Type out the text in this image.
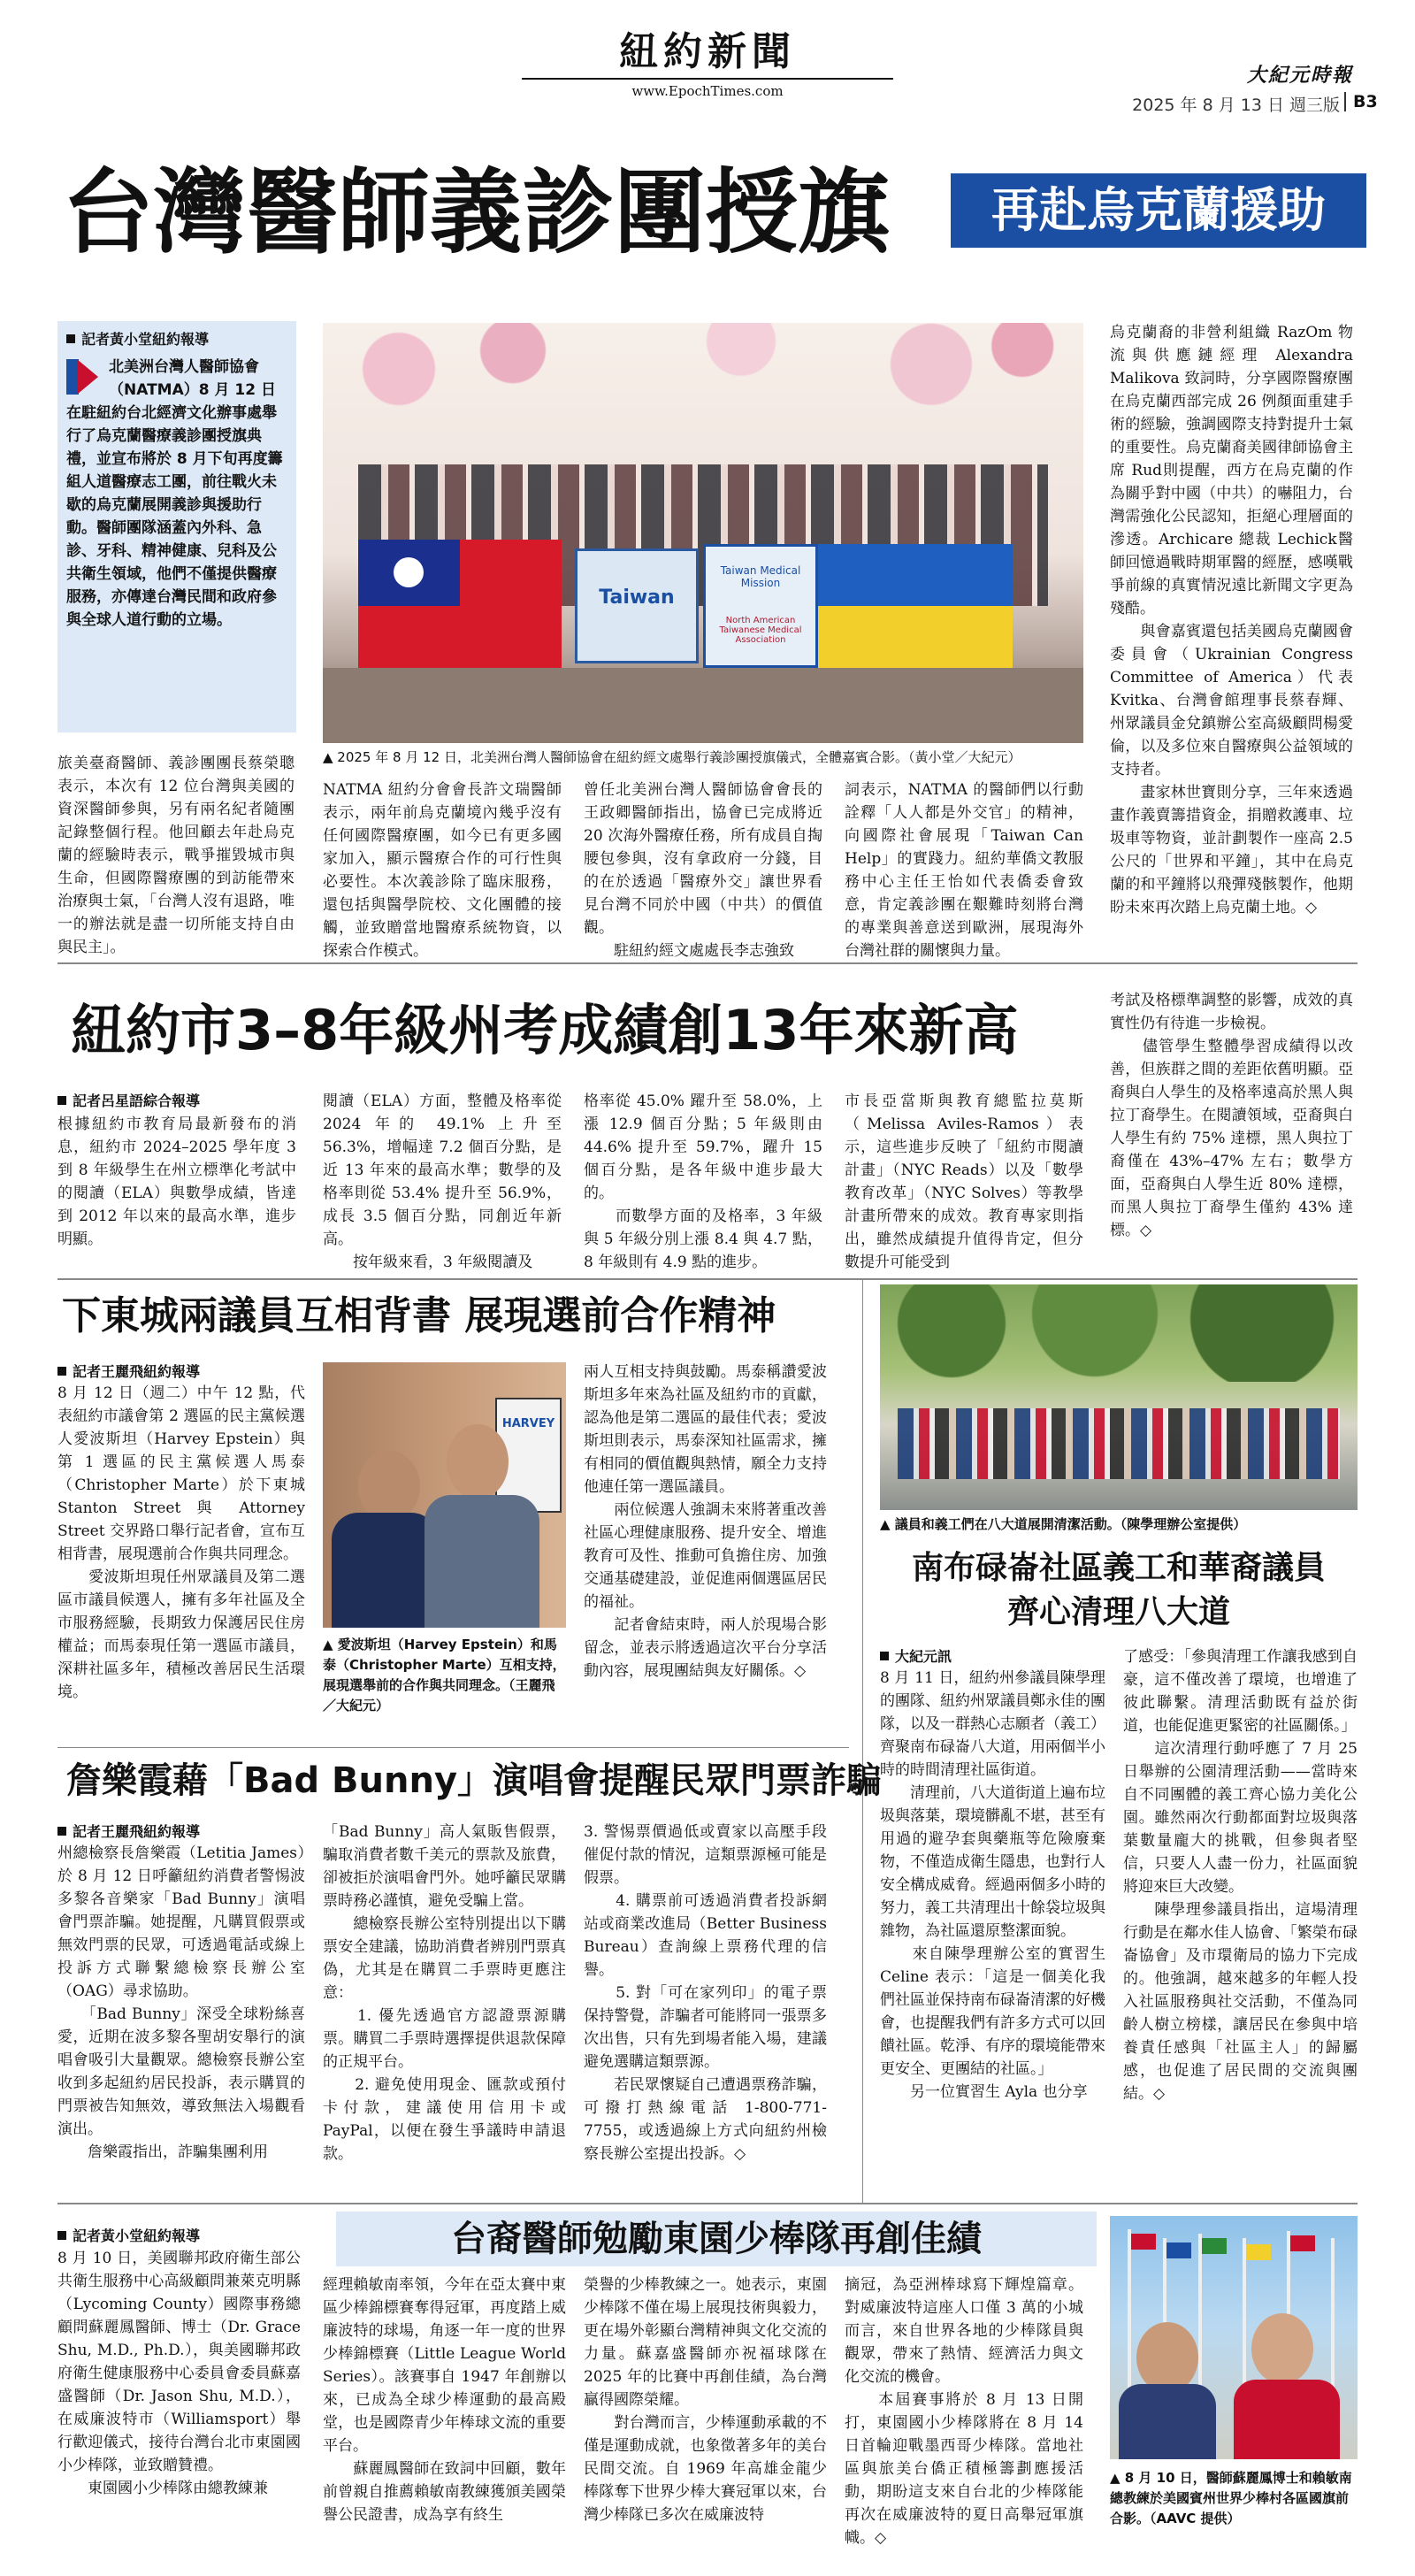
紐約新聞
www.EpochTimes.com
大紀元時報
2025 年 8 月 13 日 週三版 B3
台灣醫師義診團授旗	再赴烏克蘭援助
記者黃小堂紐約報導
北美洲台灣人醫師協會（NATMA）8 月 12 日在駐紐約台北經濟文化辦事處舉行了烏克蘭醫療義診團授旗典禮，並宣布將於 8 月下旬再度籌組人道醫療志工團，前往戰火未歇的烏克蘭展開義診與援助行動。醫師團隊涵蓋內外科、急診、牙科、精神健康、兒科及公共衛生領域，他們不僅提供醫療服務，亦傳達台灣民間和政府參與全球人道行動的立場。
Taiwan
Taiwan Medical Mission
North American Taiwanese Medical Association
▲ 2025 年 8 月 12 日，北美洲台灣人醫師協會在紐約經文處舉行義診團授旗儀式，全體嘉賓合影。（黃小堂／大紀元）
旅美臺裔醫師、義診團團長蔡榮聰表示，本次有 12 位台灣與美國的資深醫師參與，另有兩名紀者隨團記錄整個行程。他回顧去年赴烏克蘭的經驗時表示，戰爭摧毀城市與生命，但國際醫療團的到訪能帶來治療與士氣，「台灣人沒有退路，唯一的辦法就是盡一切所能支持自由與民主」。
NATMA 紐約分會會長許文瑞醫師表示，兩年前烏克蘭境內幾乎沒有任何國際醫療團，如今已有更多國家加入，顯示醫療合作的可行性與必要性。本次義診除了臨床服務，還包括與醫學院校、文化團體的接觸，並致贈當地醫療系統物資，以探索合作模式。
曾任北美洲台灣人醫師協會會長的王政卿醫師指出，協會已完成將近 20 次海外醫療任務，所有成員自掏腰包參與，沒有拿政府一分錢，目的在於透過「醫療外交」讓世界看見台灣不同於中國（中共）的價值觀。
　　駐紐約經文處處長李志強致
詞表示，NATMA 的醫師們以行動詮釋「人人都是外交官」的精神，向國際社會展現「Taiwan Can Help」的實踐力。紐約華僑文教服務中心主任王怡如代表僑委會致意，肯定義診團在艱難時刻將台灣的專業與善意送到歐洲，展現海外台灣社群的關懷與力量。
烏克蘭裔的非營利組織 RazOm 物流與供應鏈經理 Alexandra Malikova 致詞時，分享國際醫療團在烏克蘭西部完成 26 例顏面重建手術的經驗，強調國際支持對提升士氣的重要性。烏克蘭裔美國律師協會主席 Rud則提醒，西方在烏克蘭的作為關乎對中國（中共）的嚇阻力，台灣需強化公民認知，拒絕心理層面的滲透。Archicare 總裁 Lechick醫師回憶過戰時期軍醫的經歷，感嘆戰爭前線的真實情況遠比新聞文字更為殘酷。
　　與會嘉賓還包括美國烏克蘭國會委員會（Ukrainian Congress Committee of America）代表Kvitka、台灣會館理事長蔡春輝、州眾議員金兌鎮辦公室高級顧問楊愛倫，以及多位來自醫療與公益領域的支持者。
　　畫家林世寶則分享，三年來透過畫作義賣籌措資金，捐贈救護車、垃圾車等物資，並計劃製作一座高 2.5 公尺的「世界和平鐘」，其中在烏克蘭的和平鐘將以飛彈殘骸製作，他期盼未來再次踏上烏克蘭土地。◇
紐約市3–8年級州考成績創13年來新高
記者呂星語綜合報導
根據紐約市教育局最新發布的消息，紐約市 2024–2025 學年度 3 到 8 年級學生在州立標準化考試中的閱讀（ELA）與數學成績，皆達到 2012 年以來的最高水準，進步明顯。
閱讀（ELA）方面，整體及格率從 2024 年的 49.1% 上升至 56.3%，增幅達 7.2 個百分點，是近 13 年來的最高水準；數學的及格率則從 53.4% 提升至 56.9%，成長 3.5 個百分點，同創近年新高。
　　按年級來看，3 年級閱讀及
格率從 45.0% 躍升至 58.0%，上漲 12.9 個百分點；5 年級則由 44.6% 提升至 59.7%，躍升 15 個百分點，是各年級中進步最大的。
　　而數學方面的及格率，3 年級與 5 年級分別上漲 8.4 與 4.7 點，8 年級則有 4.9 點的進步。
市長亞當斯與教育總監拉莫斯（Melissa Aviles-Ramos）表示，這些進步反映了「紐約市閱讀計畫」（NYC Reads）以及「數學教育改革」（NYC Solves）等教學計畫所帶來的成效。教育專家則指出，雖然成績提升值得肯定，但分數提升可能受到
考試及格標準調整的影響，成效的真實性仍有待進一步檢視。
　　儘管學生整體學習成績得以改善，但族群之間的差距依舊明顯。亞裔與白人學生的及格率遠高於黑人與拉丁裔學生。在閱讀領域，亞裔與白人學生有約 75% 達標，黑人與拉丁裔僅在 43%–47% 左右；數學方面，亞裔與白人學生近 80% 達標，而黑人與拉丁裔學生僅約 43% 達標。◇
下東城兩議員互相背書 展現選前合作精神
記者王麗飛紐約報導
8 月 12 日（週二）中午 12 點，代表紐約市議會第 2 選區的民主黨候選人愛波斯坦（Harvey Epstein）與第 1 選區的民主黨候選人馬泰（Christopher Marte）於下東城 Stanton Street 與 Attorney Street 交界路口舉行記者會，宣布互相背書，展現選前合作與共同理念。
　　愛波斯坦現任州眾議員及第二選區市議員候選人，擁有多年社區及全市服務經驗，長期致力保護居民住房權益；而馬泰現任第一選區市議員，深耕社區多年，積極改善居民生活環境。
HARVEY
▲ 愛波斯坦（Harvey Epstein）和馬泰（Christopher Marte）互相支持，展現選舉前的合作與共同理念。（王麗飛／大紀元）
兩人互相支持與鼓勵。馬泰稱讚愛波斯坦多年來為社區及紐約市的貢獻，認為他是第二選區的最佳代表；愛波斯坦則表示，馬泰深知社區需求，擁有相同的價值觀與熱情，願全力支持他連任第一選區議員。
　　兩位候選人強調未來將著重改善社區心理健康服務、提升安全、增進教育可及性、推動可負擔住房、加強交通基礎建設，並促進兩個選區居民的福祉。
　　記者會結束時，兩人於現場合影留念，並表示將透過這次平台分享活動內容，展現團結與友好關係。◇
詹樂霞藉「Bad Bunny」演唱會提醒民眾門票詐騙
記者王麗飛紐約報導
州總檢察長詹樂霞（Letitia James）於 8 月 12 日呼籲紐約消費者警惕波多黎各音樂家「Bad Bunny」演唱會門票詐騙。她提醒，凡購買假票或無效門票的民眾，可透過電話或線上投訴方式聯繫總檢察長辦公室（OAG）尋求協助。
　　「Bad Bunny」深受全球粉絲喜愛，近期在波多黎各聖胡安舉行的演唱會吸引大量觀眾。總檢察長辦公室收到多起紐約居民投訴，表示購買的門票被告知無效，導致無法入場觀看演出。
　　詹樂霞指出，詐騙集團利用
「Bad Bunny」高人氣販售假票，騙取消費者數千美元的票款及旅費，卻被拒於演唱會門外。她呼籲民眾購票時務必謹慎，避免受騙上當。
　　總檢察長辦公室特別提出以下購票安全建議，協助消費者辨別門票真偽，尤其是在購買二手票時更應注意：
　　1. 優先透過官方認證票源購票。購買二手票時選擇提供退款保障的正規平台。
　　2. 避免使用現金、匯款或預付卡付款，建議使用信用卡或 PayPal，以便在發生爭議時申請退款。
3. 警惕票價過低或賣家以高壓手段催促付款的情況，這類票源極可能是假票。
　　4. 購票前可透過消費者投訴網站或商業改進局（Better Business Bureau）查詢線上票務代理的信譽。
　　5. 對「可在家列印」的電子票保持警覺，詐騙者可能將同一張票多次出售，只有先到場者能入場，建議避免選購這類票源。
　　若民眾懷疑自己遭遇票務詐騙，可撥打熱線電話 1-800-771-7755，或透過線上方式向紐約州檢察長辦公室提出投訴。◇
▲ 議員和義工們在八大道展開清潔活動。（陳學理辦公室提供）
南布碌崙社區義工和華裔議員
齊心清理八大道
大紀元訊
8 月 11 日，紐約州參議員陳學理的團隊、紐約州眾議員鄭永佳的團隊，以及一群熱心志願者（義工）齊聚南布碌崙八大道，用兩個半小時的時間清理社區街道。
　　清理前，八大道街道上遍布垃圾與落葉，環境髒亂不堪，甚至有用過的避孕套與藥瓶等危險廢棄物，不僅造成衛生隱患，也對行人安全構成威脅。經過兩個多小時的努力，義工共清理出十餘袋垃圾與雜物，為社區還原整潔面貌。
　　來自陳學理辦公室的實習生 Celine 表示：「這是一個美化我們社區並保持南布碌崙清潔的好機會，也提醒我們有許多方式可以回饋社區。乾淨、有序的環境能帶來更安全、更團結的社區。」
　　另一位實習生 Ayla 也分享
了感受：「參與清理工作讓我感到自豪，這不僅改善了環境，也增進了彼此聯繫。清理活動既有益於街道，也能促進更緊密的社區關係。」
　　這次清理行動呼應了 7 月 25 日舉辦的公園清理活動——當時來自不同團體的義工齊心協力美化公園。雖然兩次行動都面對垃圾與落葉數量龐大的挑戰，但參與者堅信，只要人人盡一份力，社區面貌將迎來巨大改變。
　　陳學理參議員指出，這場清理行動是在鄰水佳人協會、「繁榮布碌崙協會」及市環衛局的協力下完成的。他強調，越來越多的年輕人投入社區服務與社交活動，不僅為同齡人樹立榜樣，讓居民在參與中培養責任感與「社區主人」的歸屬感，也促進了居民間的交流與團結。◇
台裔醫師勉勵東園少棒隊再創佳績
記者黃小堂紐約報導
8 月 10 日，美國聯邦政府衛生部公共衛生服務中心高級顧問兼萊克明縣（Lycoming County）國際事務總顧問蘇麗鳳醫師、博士（Dr. Grace Shu, M.D., Ph.D.），與美國聯邦政府衛生健康服務中心委員會委員蘇嘉盛醫師（Dr. Jason Shu, M.D.），在威廉波特市（Williamsport）舉行歡迎儀式，接待台灣台北市東園國小少棒隊，並致贈贊禮。
　　東園國小少棒隊由總教練兼
經理賴敏南率領，今年在亞太賽中東區少棒錦標賽奪得冠軍，再度踏上威廉波特的球場，角逐一年一度的世界少棒錦標賽（Little League World Series）。該賽事自 1947 年創辦以來，已成為全球少棒運動的最高殿堂，也是國際青少年棒球文流的重要平台。
　　蘇麗鳳醫師在致詞中回顧，數年前曾親自推薦賴敏南教練獲頒美國榮譽公民證書，成為享有終生
榮譽的少棒教練之一。她表示，東園少棒隊不僅在場上展現技術與毅力，更在場外彰顯台灣精神與文化交流的力量。蘇嘉盛醫師亦祝福球隊在 2025 年的比賽中再創佳績，為台灣贏得國際榮耀。
　　對台灣而言，少棒運動承載的不僅是運動成就，也象徵著多年的美台民間交流。自 1969 年高雄金龍少棒隊奪下世界少棒大賽冠軍以來，台灣少棒隊已多次在威廉波特
摘冠，為亞洲棒球寫下輝煌篇章。對威廉波特這座人口僅 3 萬的小城而言，來自世界各地的少棒隊員與觀眾，帶來了熱情、經濟活力與文化交流的機會。
　　本屆賽事將於 8 月 13 日開打，東園國小少棒隊將在 8 月 14 日首輪迎戰墨西哥少棒隊。當地社區與旅美台僑正積極籌劃應援活動，期盼這支來自台北的少棒隊能再次在威廉波特的夏日高舉冠軍旗幟。◇
▲ 8 月 10 日，醫師蘇麗鳳博士和賴敏南總教練於美國賓州世界少棒村各區國旗前合影。（AAVC 提供）
